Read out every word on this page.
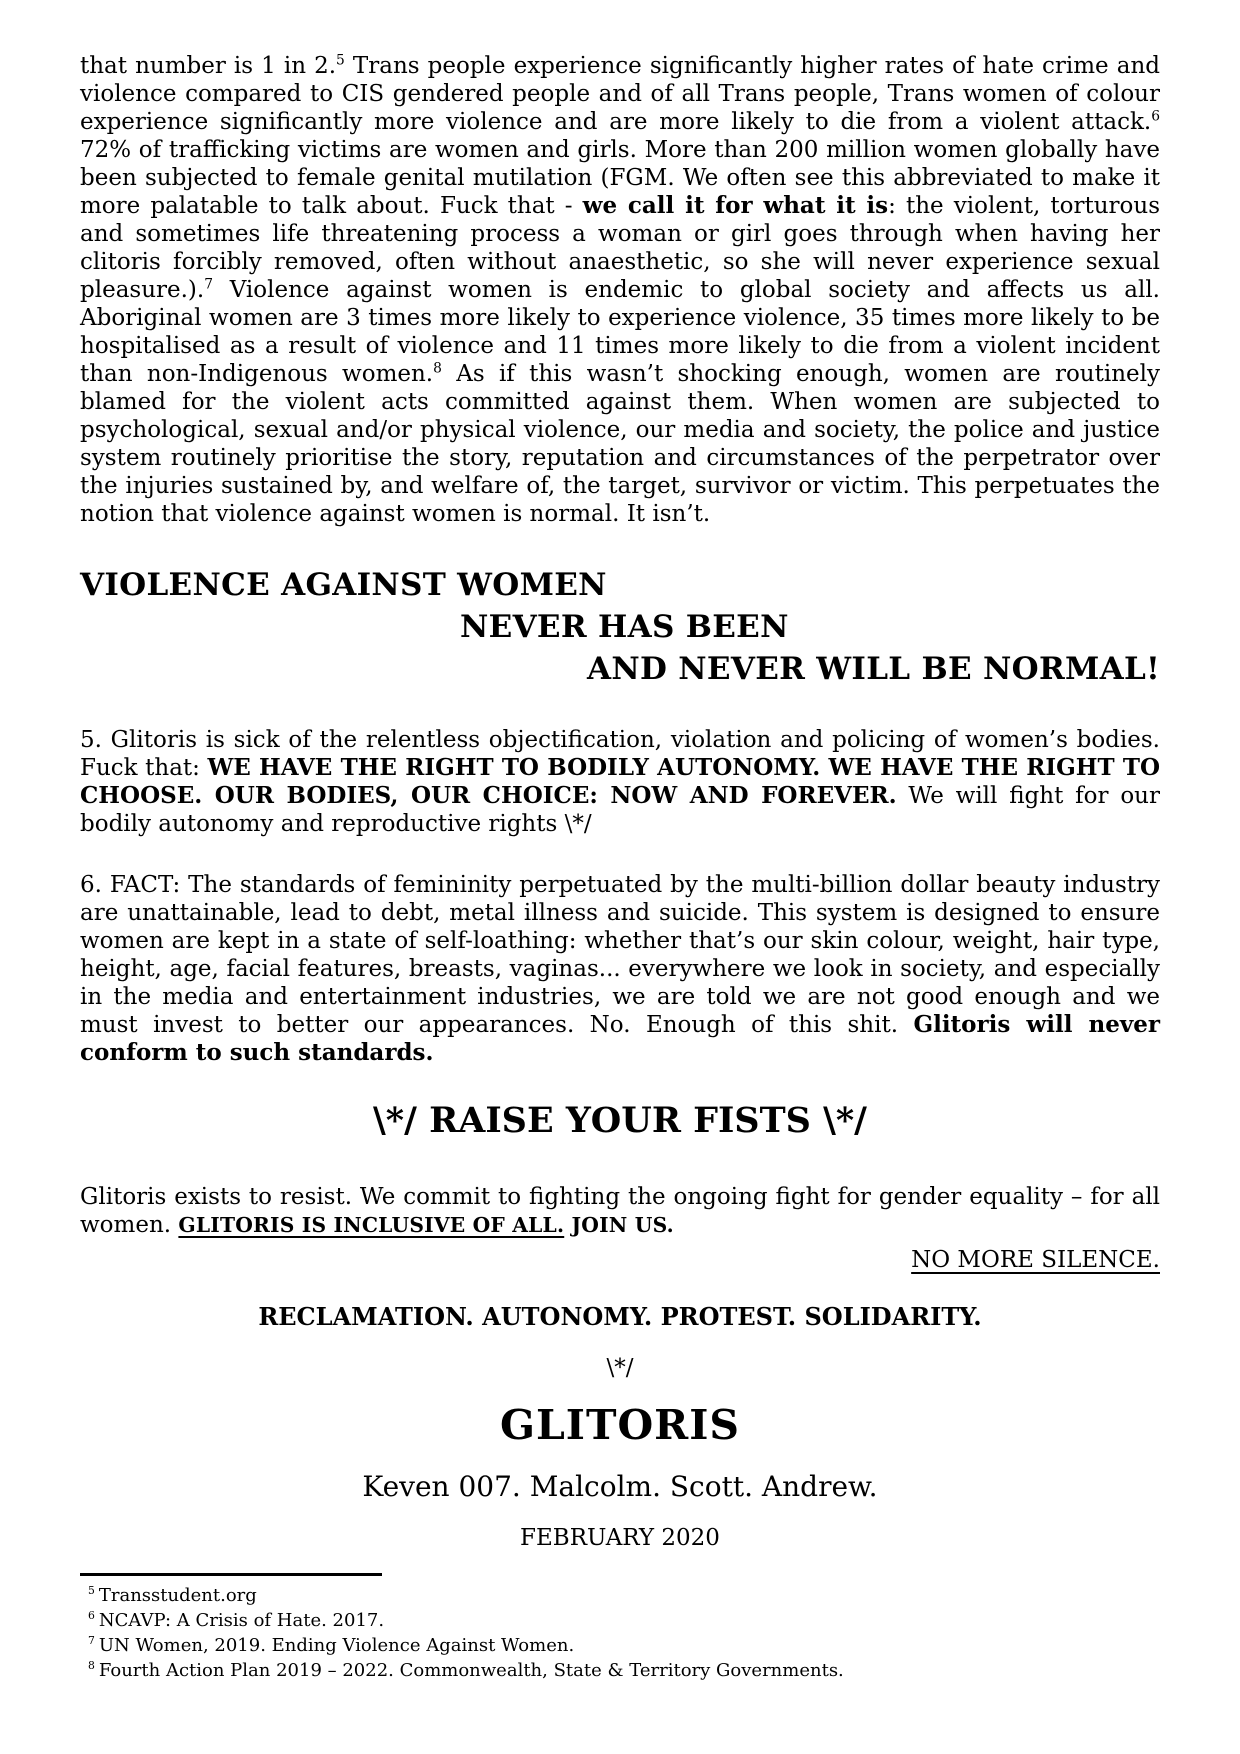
that number is 1 in 2.$^5$ Trans people experience significantly higher rates of hate crime and violence compared to CIS gendered people and of all Trans people, Trans women of colour experience significantly more violence and are more likely to die from a violent attack.$^6$ 72% of trafficking victims are women and girls. More than 200 million women globally have been subjected to female genital mutilation (FGM. We often see this abbreviated to make it more palatable to talk about. Fuck that - we call it for what it is: the violent, torturous and sometimes life threatening process a woman or girl goes through when having her clitoris forcibly removed, often without anaesthetic, so she will never experience sexual pleasure.).$^7$ Violence against women is endemic to global society and affects us all. Aboriginal women are 3 times more likely to experience violence, 35 times more likely to be hospitalised as a result of violence and 11 times more likely to die from a violent incident than non-Indigenous women.$^8$ As if this wasn’t shocking enough, women are routinely blamed for the violent acts committed against them. When women are subjected to psychological, sexual and/or physical violence, our media and society, the police and justice system routinely prioritise the story, reputation and circumstances of the perpetrator over the injuries sustained by, and welfare of, the target, survivor or victim. This perpetuates the notion that violence against women is normal. It isn’t.

VIOLENCE AGAINST WOMEN
NEVER HAS BEEN
AND NEVER WILL BE NORMAL!

5. Glitoris is sick of the relentless objectification, violation and policing of women’s bodies. Fuck that: WE HAVE THE RIGHT TO BODILY AUTONOMY. WE HAVE THE RIGHT TO CHOOSE. OUR BODIES, OUR CHOICE: NOW AND FOREVER. We will fight for our bodily autonomy and reproductive rights \*/

6. FACT: The standards of femininity perpetuated by the multi-billion dollar beauty industry are unattainable, lead to debt, metal illness and suicide. This system is designed to ensure women are kept in a state of self-loathing: whether that’s our skin colour, weight, hair type, height, age, facial features, breasts, vaginas... everywhere we look in society, and especially in the media and entertainment industries, we are told we are not good enough and we must invest to better our appearances. No. Enough of this shit. Glitoris will never conform to such standards.

\*/ RAISE YOUR FISTS \*/

Glitoris exists to resist. We commit to fighting the ongoing fight for gender equality – for all women. GLITORIS IS INCLUSIVE OF ALL. JOIN US.

NO MORE SILENCE.
RECLAMATION. AUTONOMY. PROTEST. SOLIDARITY.
\*/
GLITORIS
Keven 007. Malcolm. Scott. Andrew.
FEBRUARY 2020
$^5$ Transstudent.org
$^6$ NCAVP: A Crisis of Hate. 2017.
$^7$ UN Women, 2019. Ending Violence Against Women.
$^8$ Fourth Action Plan 2019 – 2022. Commonwealth, State & Territory Governments.
